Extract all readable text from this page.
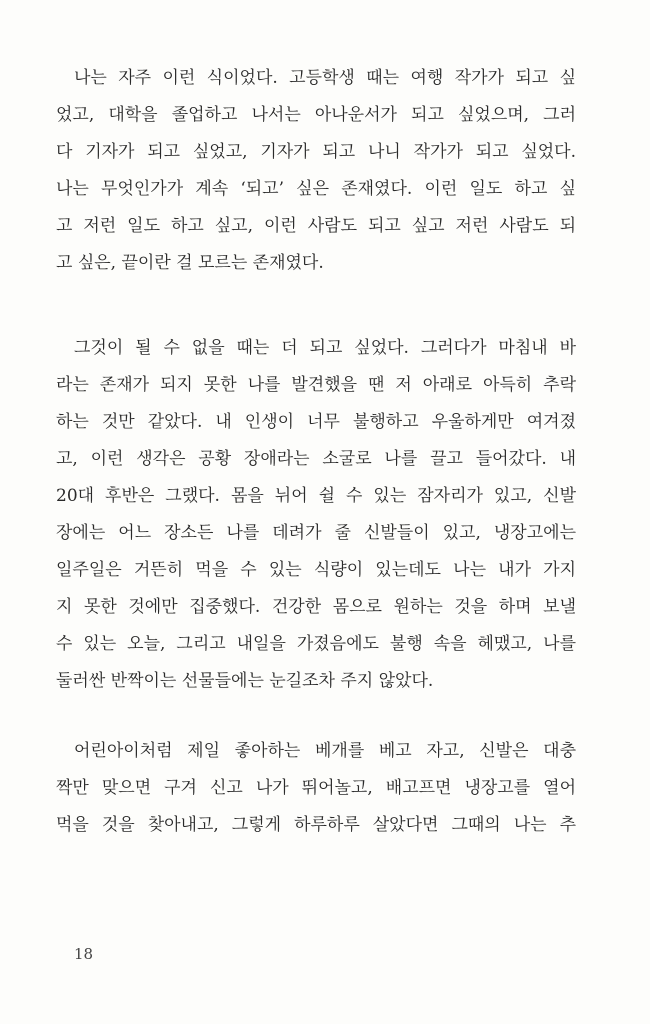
나는 자주 이런 식이었다. 고등학생 때는 여행 작가가 되고 싶
었고, 대학을 졸업하고 나서는 아나운서가 되고 싶었으며, 그러
다 기자가 되고 싶었고, 기자가 되고 나니 작가가 되고 싶었다.
나는 무엇인가가 계속 ‘되고’ 싶은 존재였다. 이런 일도 하고 싶
고 저런 일도 하고 싶고, 이런 사람도 되고 싶고 저런 사람도 되
고 싶은, 끝이란 걸 모르는 존재였다.
그것이 될 수 없을 때는 더 되고 싶었다. 그러다가 마침내 바
라는 존재가 되지 못한 나를 발견했을 땐 저 아래로 아득히 추락
하는 것만 같았다. 내 인생이 너무 불행하고 우울하게만 여겨졌
고, 이런 생각은 공황 장애라는 소굴로 나를 끌고 들어갔다. 내
20대 후반은 그랬다. 몸을 뉘어 쉴 수 있는 잠자리가 있고, 신발
장에는 어느 장소든 나를 데려가 줄 신발들이 있고, 냉장고에는
일주일은 거뜬히 먹을 수 있는 식량이 있는데도 나는 내가 가지
지 못한 것에만 집중했다. 건강한 몸으로 원하는 것을 하며 보낼
수 있는 오늘, 그리고 내일을 가졌음에도 불행 속을 헤맸고, 나를
둘러싼 반짝이는 선물들에는 눈길조차 주지 않았다.
어린아이처럼 제일 좋아하는 베개를 베고 자고, 신발은 대충
짝만 맞으면 구겨 신고 나가 뛰어놀고, 배고프면 냉장고를 열어
먹을 것을 찾아내고, 그렇게 하루하루 살았다면 그때의 나는 추
18
